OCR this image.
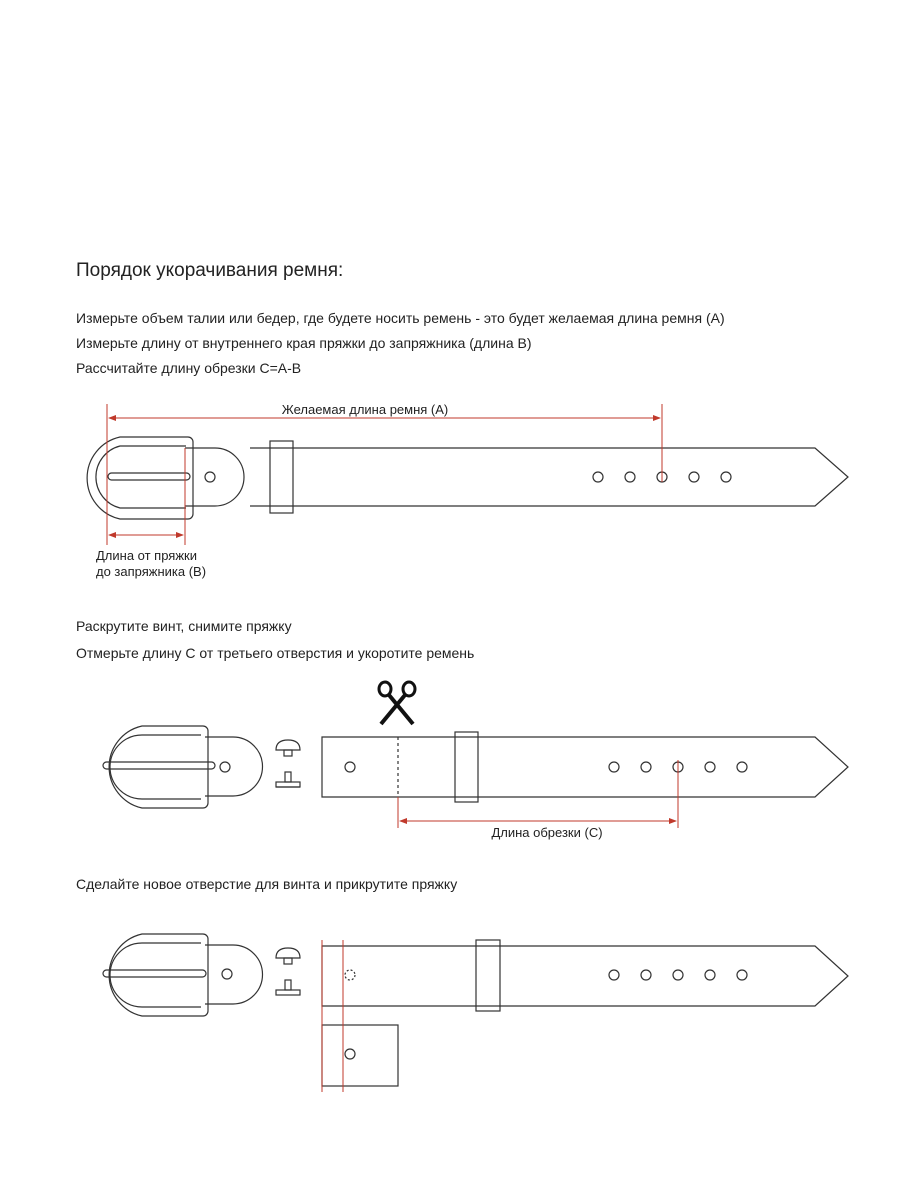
Порядок укорачивания ремня:
Измерьте объем талии или бедер, где будете носить ремень - это будет желаемая длина ремня (А)
Измерьте длину от внутреннего края пряжки до запряжника (длина В)
Рассчитайте длину обрезки С=А-В
Раскрутите винт, снимите пряжку
Отмерьте длину С от третьего отверстия и укоротите ремень
Сделайте новое отверстие для винта и прикрутите пряжку
Желаемая длина ремня (А)
Длина от пряжки
до запряжника (В)
Длина обрезки (С)
